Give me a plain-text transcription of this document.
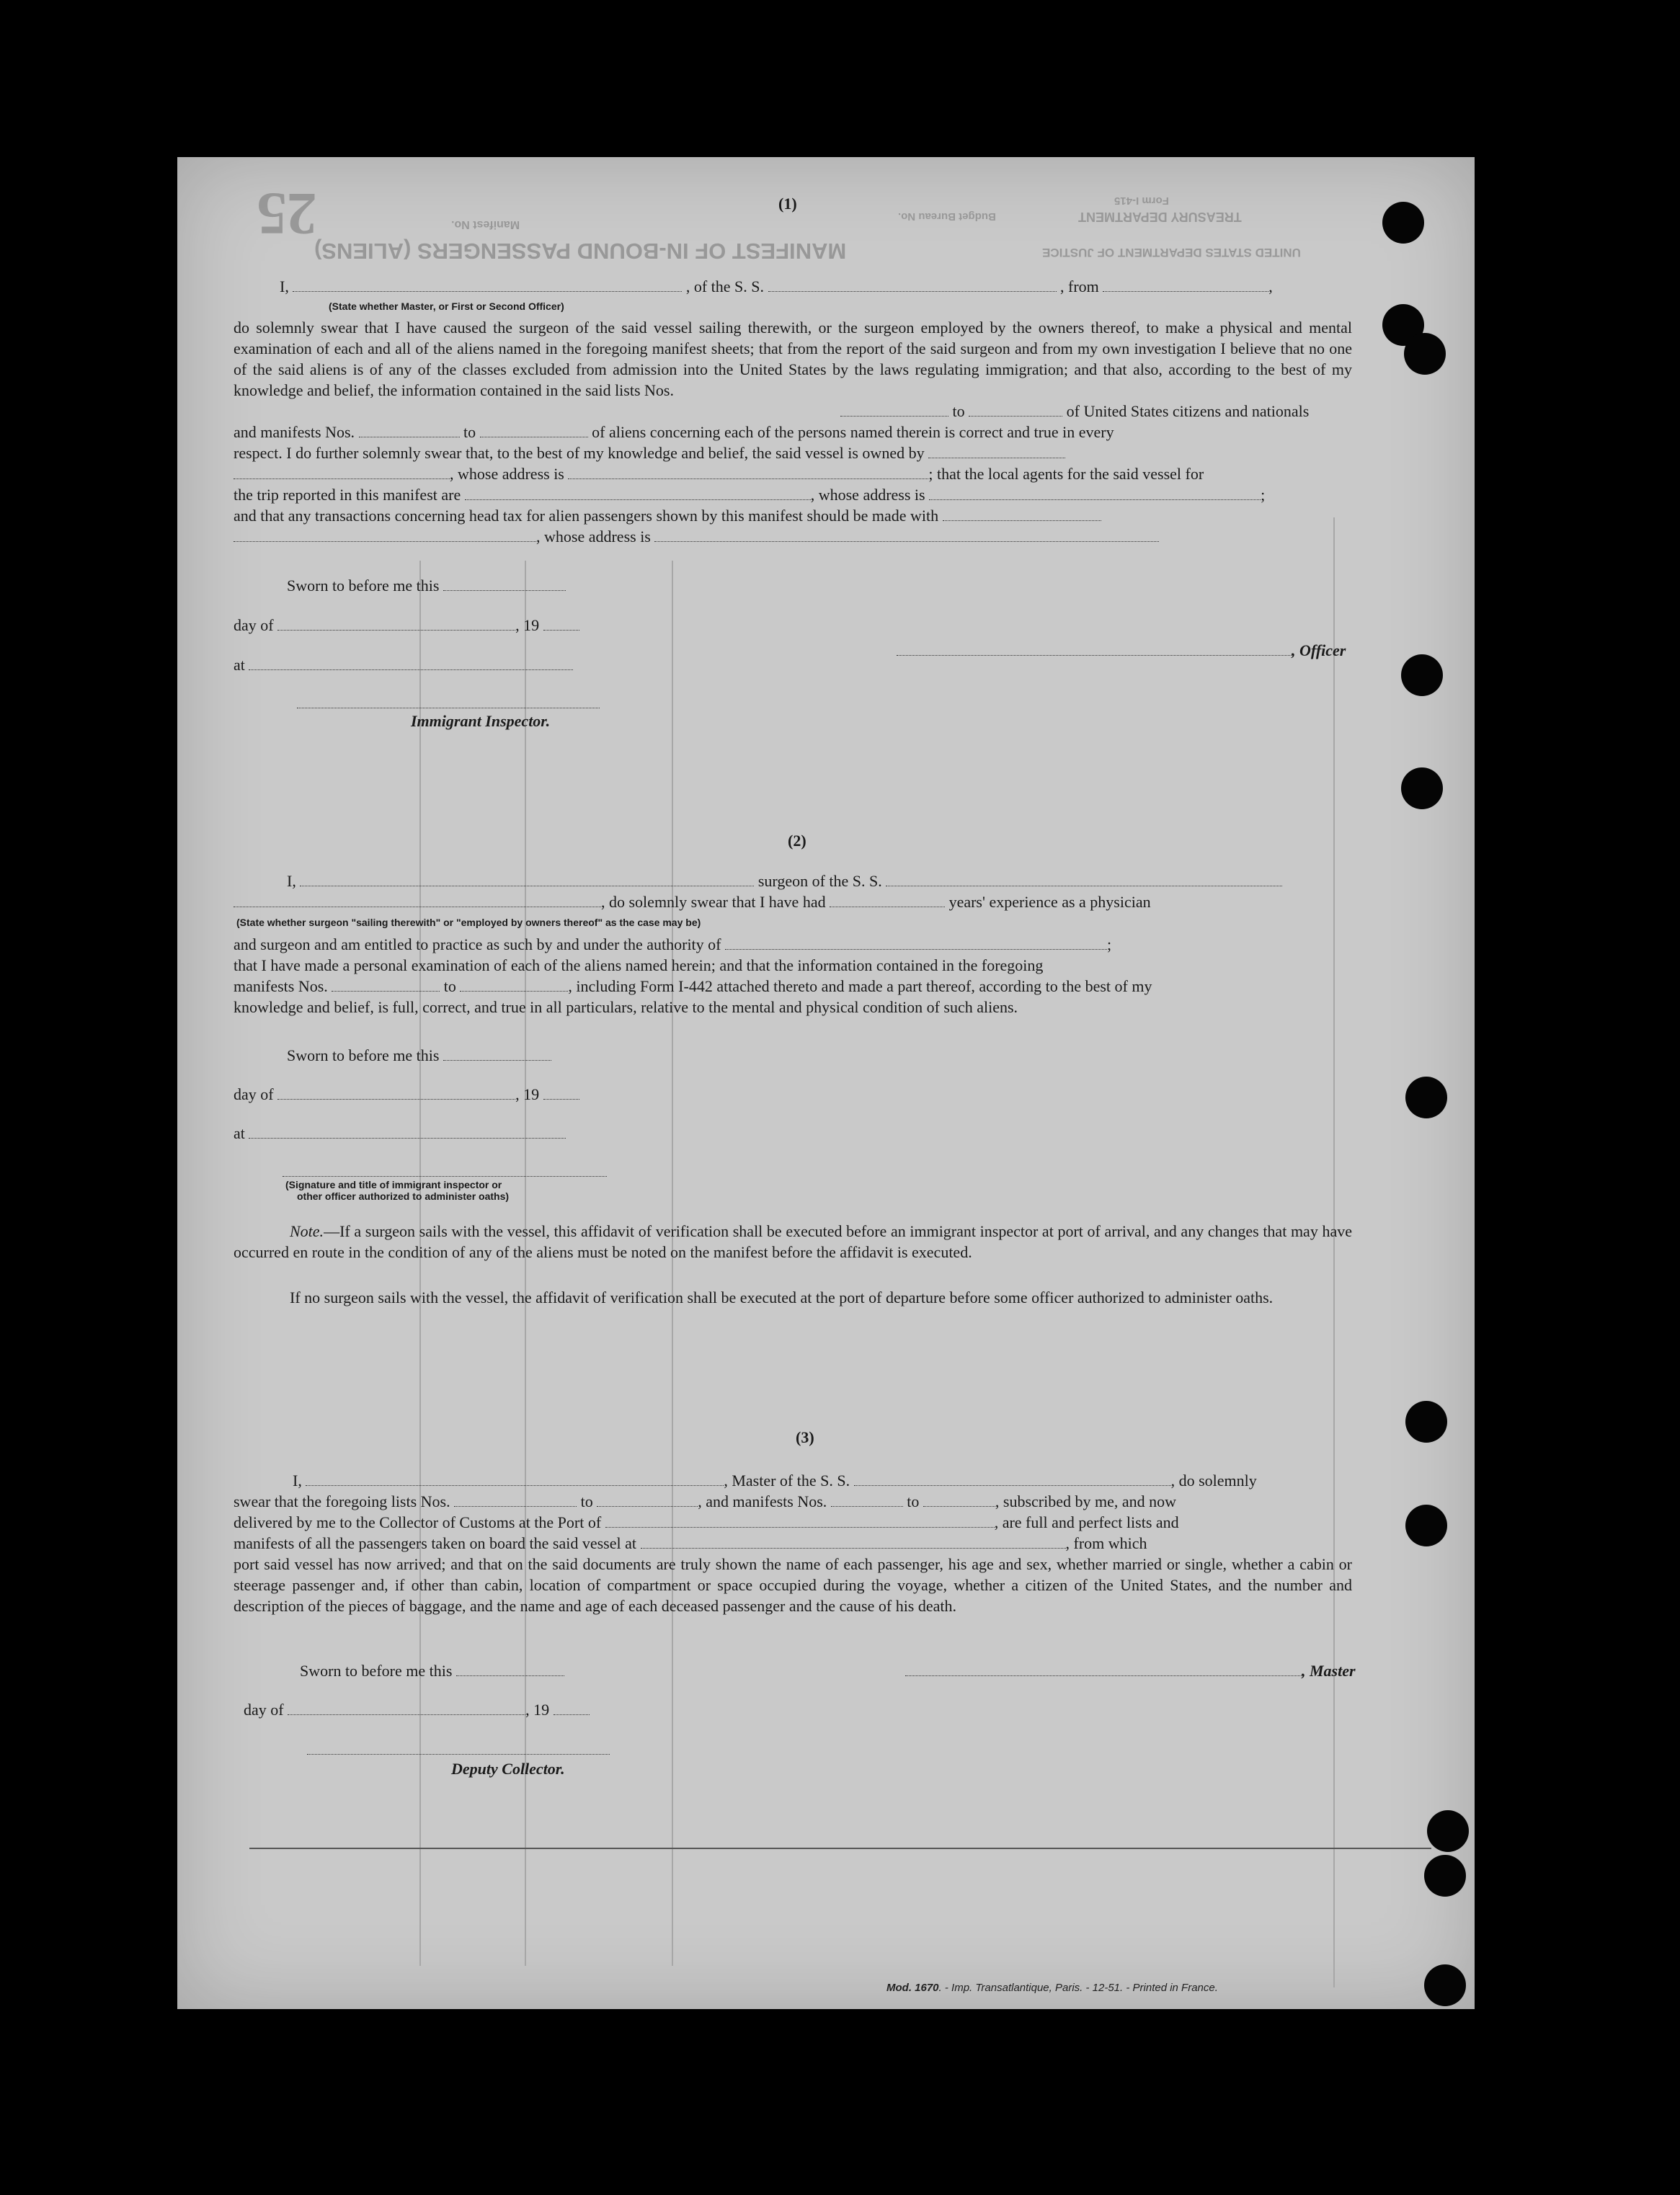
MANIFEST OF IN-BOUND PASSENGERS (ALIENS)	UNITED STATES DEPARTMENT OF JUSTICE
TREASURY DEPARTMENT
Form I-415
Budget Bureau No.
Manifest No.
25	(1)
I,	, of the S. S.	, from	,
(State whether Master, or First or Second Officer)
do solemnly swear that I have caused the surgeon of the said vessel sailing therewith, or the surgeon employed by the owners thereof, to make a physical and mental examination of each and all of the aliens named in the foregoing manifest sheets; that from the report of the said surgeon and from my own investigation I believe that no one of the said aliens is of any of the classes excluded from admission into the United States by the laws regulating immigration; and that also, according to the best of my knowledge and belief, the information contained in the said lists Nos.
to	of United States citizens and nationals
and manifests Nos.	to	of aliens concerning each of the persons named therein is correct and true in every
respect. I do further solemnly swear that, to the best of my knowledge and belief, the said vessel is owned by
, whose address is	; that the local agents for the said vessel for
the trip reported in this manifest are	, whose address is	;
and that any transactions concerning head tax for alien passengers shown by this manifest should be made with
, whose address is
Sworn to before me this
day of	, 19
at
, Officer
Immigrant Inspector.
(2)
I,	surgeon of the S. S.
, do solemnly swear that I have had	years' experience as a physician
(State whether surgeon "sailing therewith" or "employed by owners thereof" as the case may be)
and surgeon and am entitled to practice as such by and under the authority of	;
that I have made a personal examination of each of the aliens named herein; and that the information contained in the foregoing
manifests Nos.	to	, including Form I-442 attached thereto and made a part thereof, according to the best of my
knowledge and belief, is full, correct, and true in all particulars, relative to the mental and physical condition of such aliens.
Sworn to before me this
day of	, 19
at
(Signature and title of immigrant inspector or
other officer authorized to administer oaths)
Note.—If a surgeon sails with the vessel, this affidavit of verification shall be executed before an immigrant inspector at port of arrival, and any changes that may have occurred en route in the condition of any of the aliens must be noted on the manifest before the affidavit is executed.
If no surgeon sails with the vessel, the affidavit of verification shall be executed at the port of departure before some officer authorized to administer oaths.
(3)
I,	, Master of the S. S.	, do solemnly
swear that the foregoing lists Nos.	to	, and manifests Nos.	to	, subscribed by me, and now
delivered by me to the Collector of Customs at the Port of	, are full and perfect lists and
manifests of all the passengers taken on board the said vessel at	, from which
port said vessel has now arrived; and that on the said documents are truly shown the name of each passenger, his age and sex, whether married or single, whether a cabin or steerage passenger and, if other than cabin, location of compartment or space occupied during the voyage, whether a citizen of the United States, and the number and description of the pieces of baggage, and the name and age of each deceased passenger and the cause of his death.
Sworn to before me this	, Master
day of	, 19
Deputy Collector.
Mod. 1670. - Imp. Transatlantique, Paris. - 12-51. - Printed in France.
